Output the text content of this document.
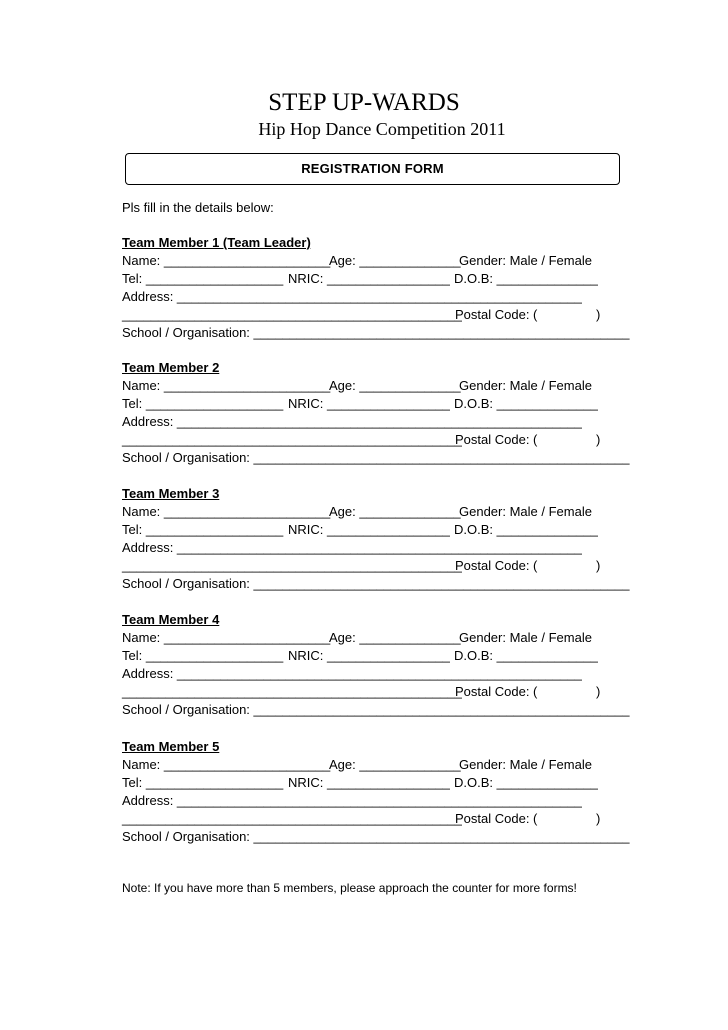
STEP UP-WARDS
Hip Hop Dance Competition 2011
REGISTRATION FORM
Pls fill in the details below:
Team Member 1 (Team Leader)
Name: _______________________
Age: ______________
Gender: Male / Female
Tel: ___________________ NRIC: _________________ D.O.B: ______________
Address: ________________________________________________________
_______________________________________________
Postal Code: (	)
School / Organisation: ____________________________________________________
Team Member 2
Name: _______________________
Age: ______________
Gender: Male / Female
Tel: ___________________ NRIC: _________________ D.O.B: ______________
Address: ________________________________________________________
_______________________________________________
Postal Code: (	)
School / Organisation: ____________________________________________________
Team Member 3
Name: _______________________
Age: ______________
Gender: Male / Female
Tel: ___________________ NRIC: _________________ D.O.B: ______________
Address: ________________________________________________________
_______________________________________________
Postal Code: (	)
School / Organisation: ____________________________________________________
Team Member 4
Name: _______________________
Age: ______________
Gender: Male / Female
Tel: ___________________ NRIC: _________________ D.O.B: ______________
Address: ________________________________________________________
_______________________________________________
Postal Code: (	)
School / Organisation: ____________________________________________________
Team Member 5
Name: _______________________
Age: ______________
Gender: Male / Female
Tel: ___________________ NRIC: _________________ D.O.B: ______________
Address: ________________________________________________________
_______________________________________________
Postal Code: (	)
School / Organisation: ____________________________________________________
Note: If you have more than 5 members, please approach the counter for more forms!
